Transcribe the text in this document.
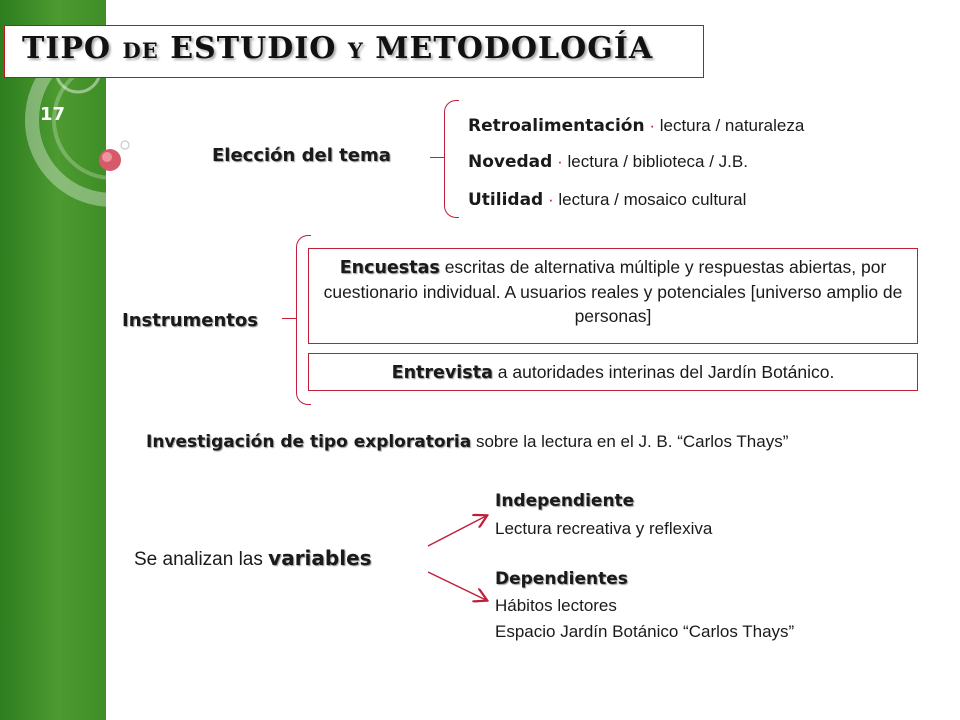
17
TIPO DE ESTUDIO Y METODOLOGÍA
Elección del tema
Retroalimentación · lectura / naturaleza
Novedad · lectura / biblioteca / J.B.
Utilidad · lectura / mosaico cultural
Instrumentos
Encuestas escritas de alternativa múltiple y respuestas abiertas, por cuestionario individual. A usuarios reales y potenciales [universo amplio de personas]
Entrevista a autoridades interinas del Jardín Botánico.
Investigación de tipo exploratoria sobre la lectura en el J. B. “Carlos Thays”
Se analizan las variables
Independiente
Lectura recreativa y reflexiva
Dependientes
Hábitos lectores
Espacio Jardín Botánico “Carlos Thays”
